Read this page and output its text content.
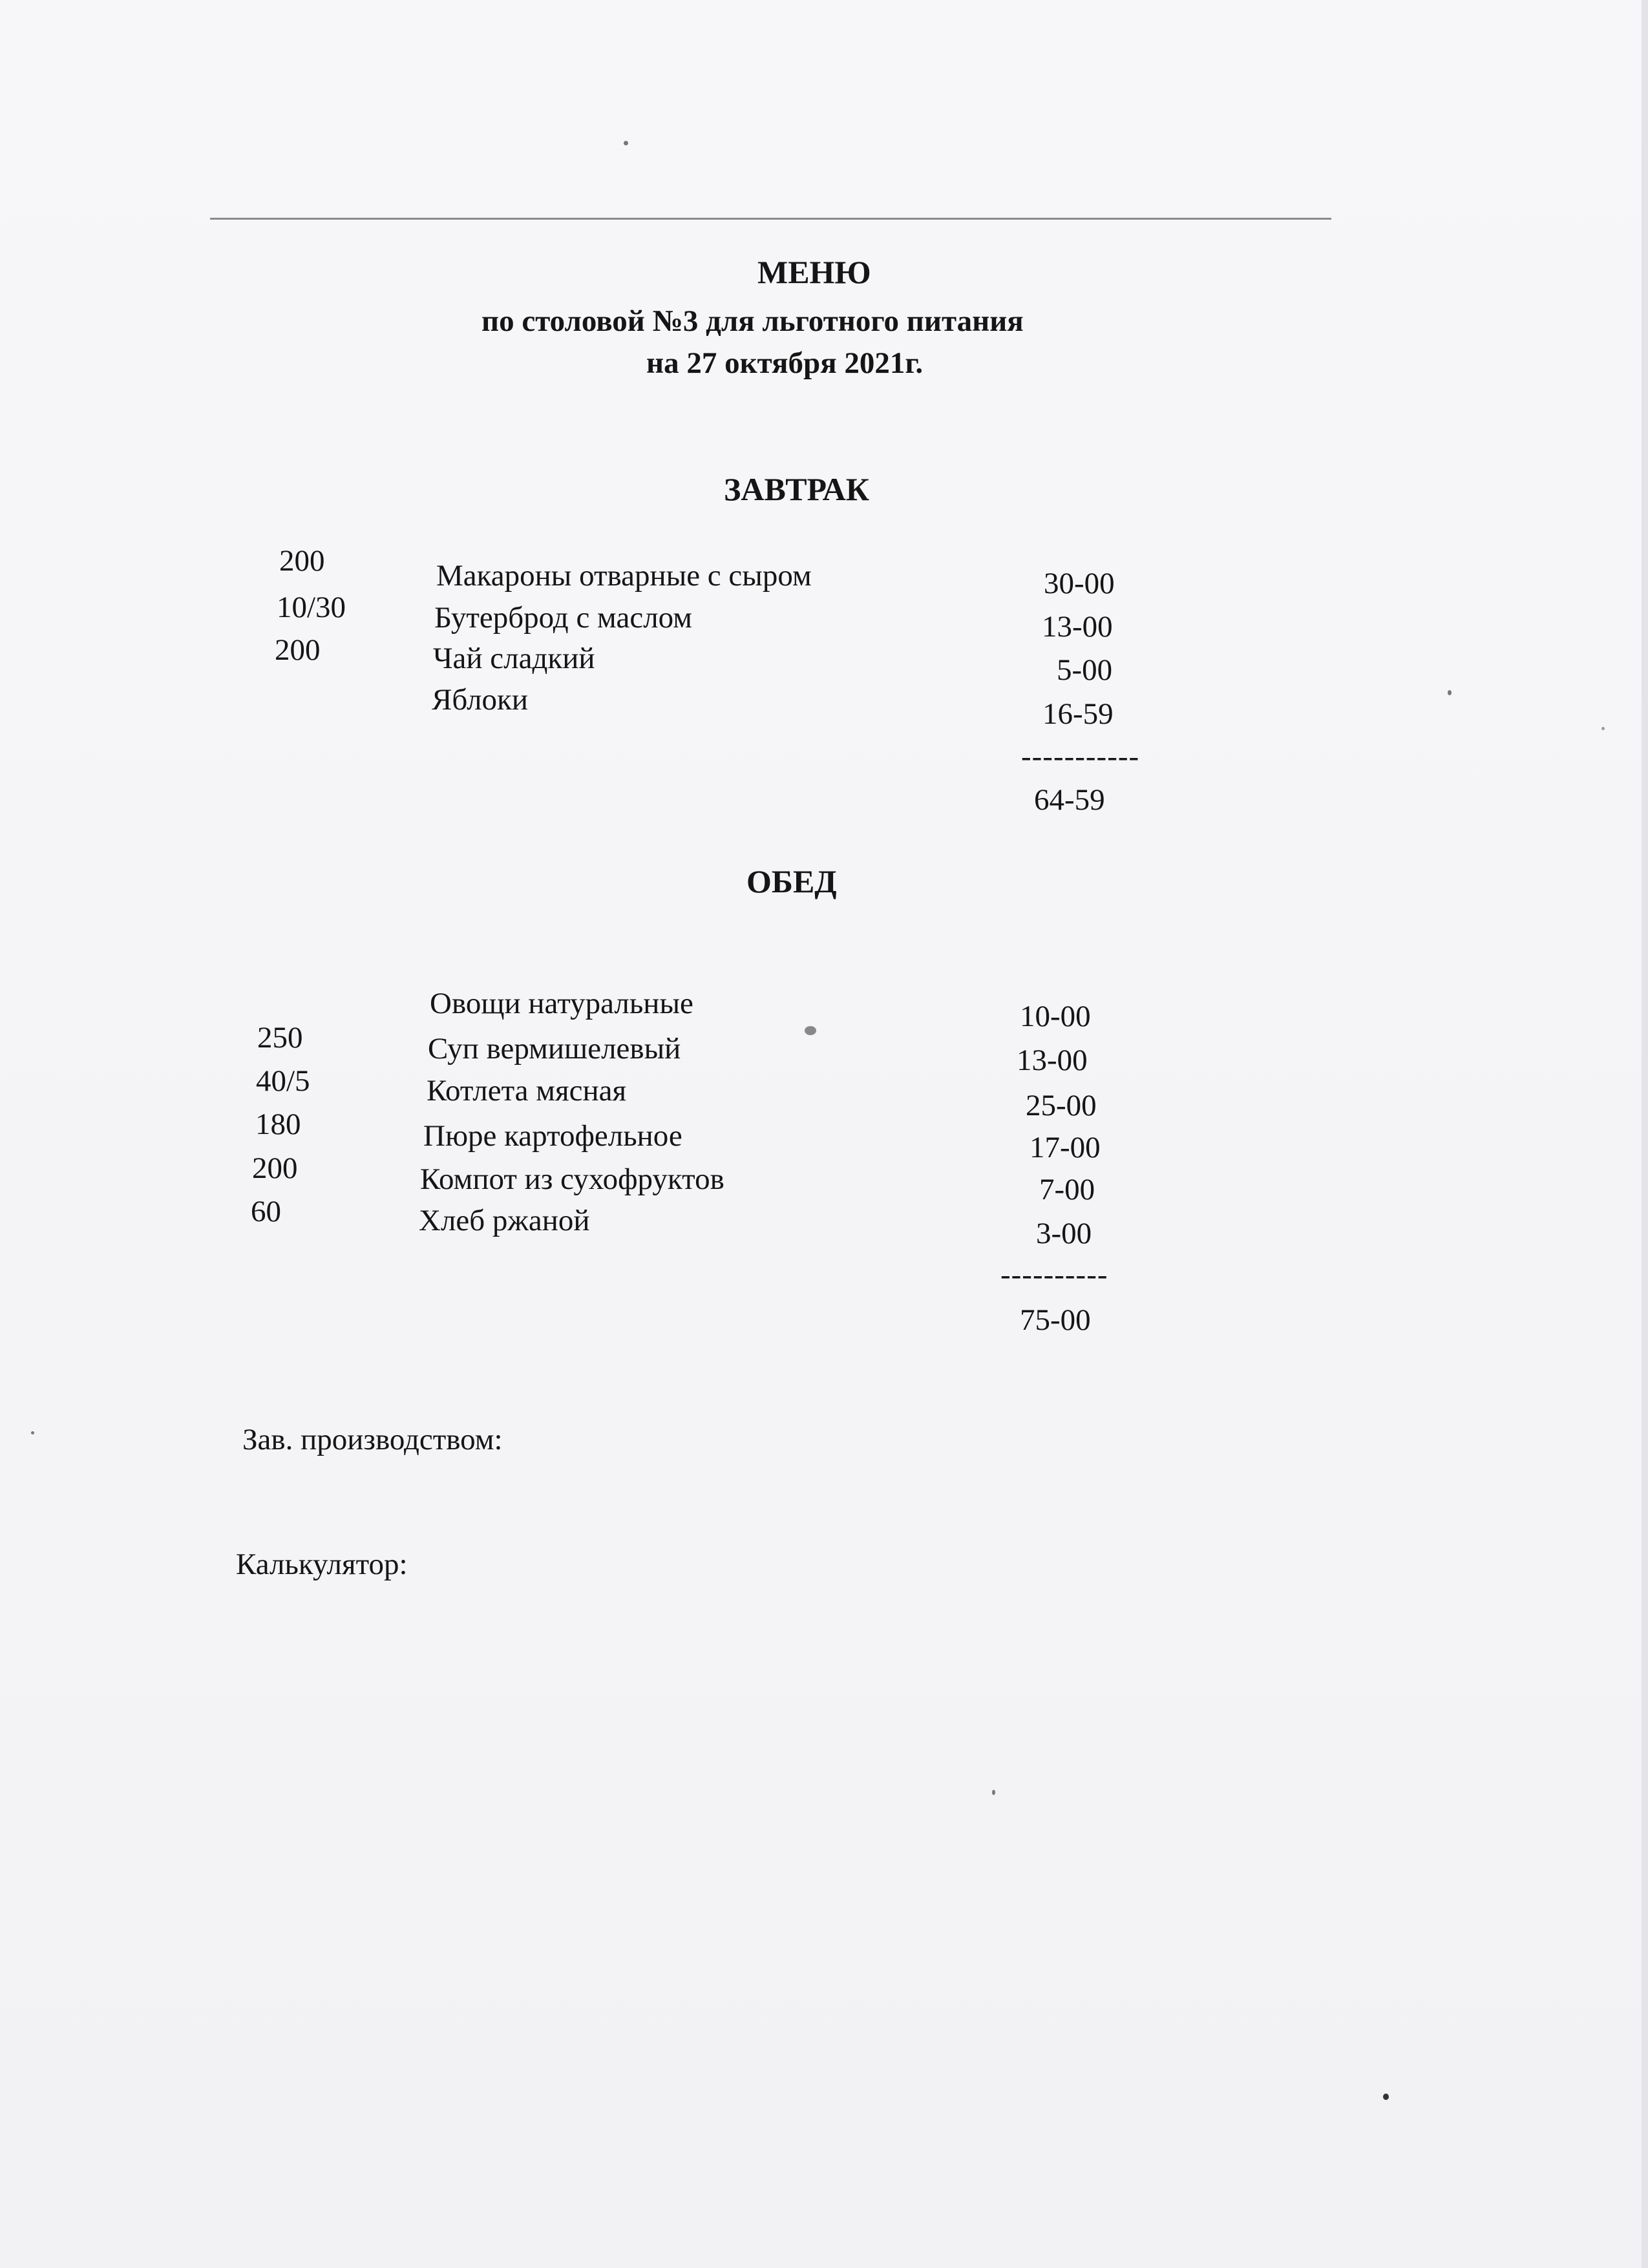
МЕНЮ
по столовой №3 для льготного питания
на 27 октября 2021г.
ЗАВТРАК
200	Макароны отварные с сыром	30-00
10/30	Бутерброд с маслом	13-00
200	Чай сладкий	5-00
Яблоки	16-59
-----------
64-59
ОБЕД
Овощи натуральные	10-00
250	Суп вермишелевый	13-00
40/5	Котлета мясная	25-00
180	Пюре картофельное	17-00
200	Компот из сухофруктов	7-00
60	Хлеб ржаной	3-00
----------
75-00
Зав. производством:
Калькулятор:
